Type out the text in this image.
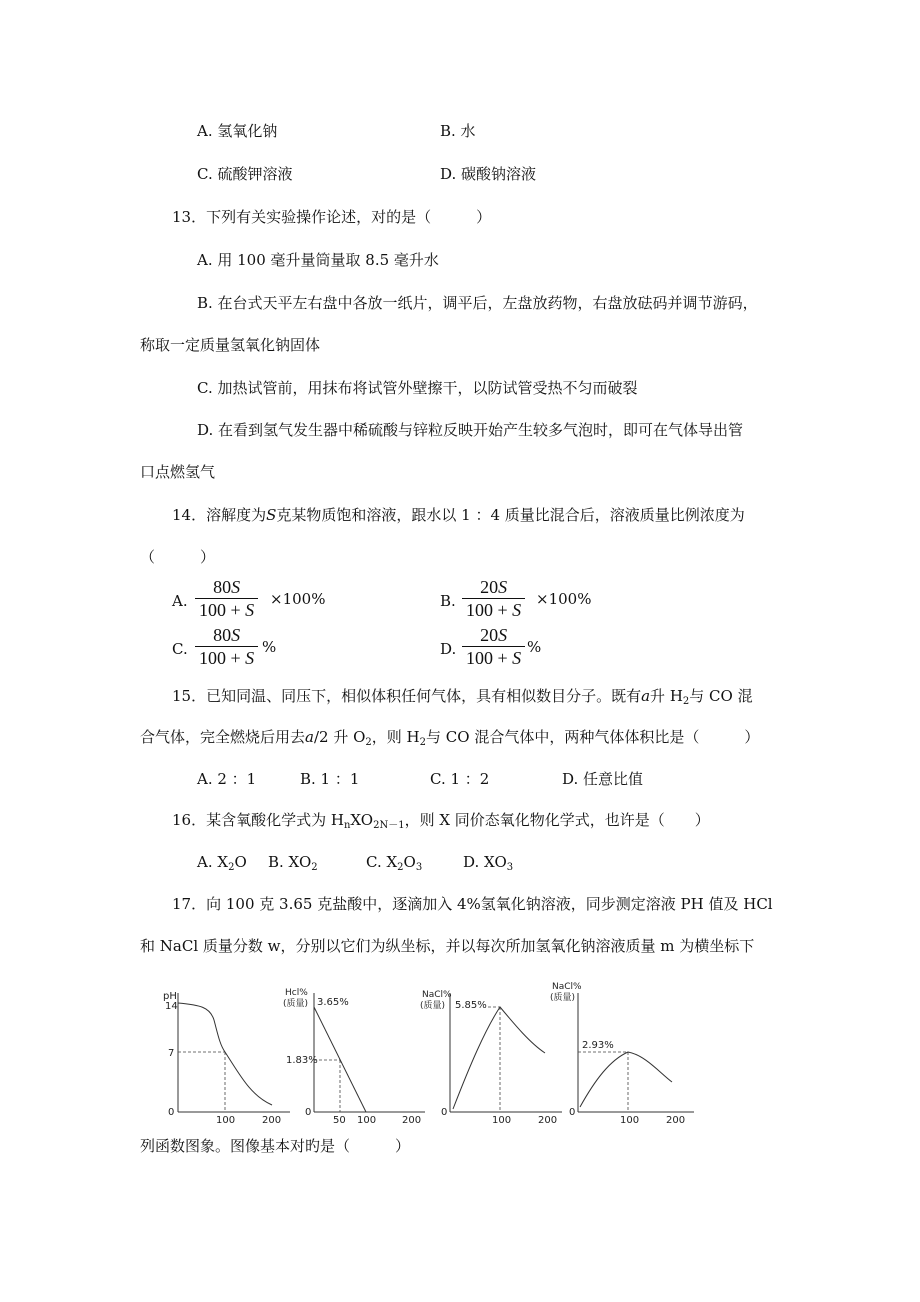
A. 氢氧化钠	B. 水
C. 硫酸钾溶液	D. 碳酸钠溶液
13．下列有关实验操作论述，对的是（　　　）
A. 用 100 毫升量筒量取 8.5 毫升水
B. 在台式天平左右盘中各放一纸片，调平后，左盘放药物，右盘放砝码并调节游码，
称取一定质量氢氧化钠固体
C. 加热试管前，用抹布将试管外壁擦干，以防试管受热不匀而破裂
D. 在看到氢气发生器中稀硫酸与锌粒反映开始产生较多气泡时，即可在气体导出管
口点燃氢气
14．溶解度为S克某物质饱和溶液，跟水以 1 ：4 质量比混合后，溶液质量比例浓度为
（　　　）
A.
80S
100 + S
×100%	B.
20S
100 + S
×100%
C.
80S
100 + S
%	D.
20S
100 + S
%
15．已知同温、同压下，相似体积任何气体，具有相似数目分子。既有a升 $H_2$与 CO 混
合气体，完全燃烧后用去a/2 升 $O_2$，则 $H_2$与 CO 混合气体中，两种气体体积比是（　　　）
A. 2 ：1	B. 1 ：1	C. 1 ：2	D. 任意比值
16．某含氧酸化学式为 $H_nXO_{2N-1}$，则 X 同价态氧化物化学式，也许是（　　）
A. $X_2O$ B. $XO_2$	C. $X_2O_3$	D. $XO_3$
17．向 100 克 3.65 克盐酸中，逐滴加入 4%氢氧化钠溶液，同步测定溶液 PH 值及 HCl
和 NaCl 质量分数 w，分别以它们为纵坐标，并以每次所加氢氧化钠溶液质量 m 为横坐标下
pH
14
7
0
100	200
Hcl%
(质量) 3.65%
1.83%
0
50 100	200
NaCl%
(质量) 5.85%
0
100	200
NaCl%
(质量)
2.93%
0
100	200
列函数图象。图像基本对旳是（　　　）
